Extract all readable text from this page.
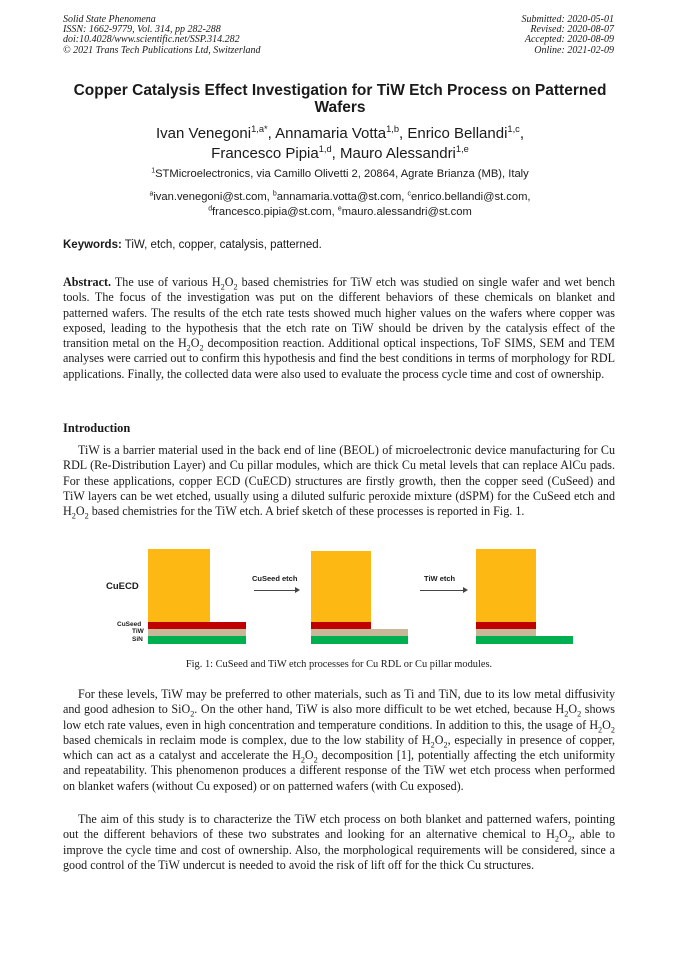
Solid State Phenomena
ISSN: 1662-9779, Vol. 314, pp 282-288
doi:10.4028/www.scientific.net/SSP.314.282
© 2021 Trans Tech Publications Ltd, Switzerland
Submitted: 2020-05-01
Revised: 2020-08-07
Accepted: 2020-08-09
Online: 2021-02-09
Copper Catalysis Effect Investigation for TiW Etch Process on Patterned Wafers
Ivan Venegoni$^{1,a*}$, Annamaria Votta$^{1,b}$, Enrico Bellandi$^{1,c}$,
Francesco Pipia$^{1,d}$, Mauro Alessandri$^{1,e}$
$^1$STMicroelectronics, via Camillo Olivetti 2, 20864, Agrate Brianza (MB), Italy
$^a$ivan.venegoni@st.com, $^b$annamaria.votta@st.com, $^c$enrico.bellandi@st.com,
$^d$francesco.pipia@st.com, $^e$mauro.alessandri@st.com
Keywords: TiW, etch, copper, catalysis, patterned.

Abstract. The use of various $H_2O_2$ based chemistries for TiW etch was studied on single wafer and wet bench tools. The focus of the investigation was put on the different behaviors of these chemicals on blanket and patterned wafers. The results of the etch rate tests showed much higher values on the wafers where copper was exposed, leading to the hypothesis that the etch rate on TiW should be driven by the catalysis effect of the transition metal on the $H_2O_2$ decomposition reaction. Additional optical inspections, ToF SIMS, SEM and TEM analyses were carried out to confirm this hypothesis and find the best conditions in terms of morphology for RDL applications. Finally, the collected data were also used to evaluate the process cycle time and cost of ownership.

Introduction

TiW is a barrier material used in the back end of line (BEOL) of microelectronic device manufacturing for Cu RDL (Re-Distribution Layer) and Cu pillar modules, which are thick Cu metal levels that can replace AlCu pads. For these applications, copper ECD (CuECD) structures are firstly growth, then the copper seed (CuSeed) and TiW layers can be wet etched, usually using a diluted sulfuric peroxide mixture (dSPM) for the CuSeed etch and $H_2O_2$ based chemistries for the TiW etch. A brief sketch of these processes is reported in Fig. 1.

CuECD
CuSeed
TiW
SiN
CuSeed etch	TiW etch
Fig. 1: CuSeed and TiW etch processes for Cu RDL or Cu pillar modules.

For these levels, TiW may be preferred to other materials, such as Ti and TiN, due to its low metal diffusivity and good adhesion to SiO$_2$. On the other hand, TiW is also more difficult to be wet etched, because $H_2O_2$ shows low etch rate values, even in high concentration and temperature conditions. In addition to this, the usage of $H_2O_2$ based chemicals in reclaim mode is complex, due to the low stability of $H_2O_2$, especially in presence of copper, which can act as a catalyst and accelerate the $H_2O_2$ decomposition [1], potentially affecting the etch uniformity and repeatability. This phenomenon produces a different response of the TiW wet etch process when performed on blanket wafers (without Cu exposed) or on patterned wafers (with Cu exposed).

The aim of this study is to characterize the TiW etch process on both blanket and patterned wafers, pointing out the different behaviors of these two substrates and looking for an alternative chemical to $H_2O_2$, able to improve the cycle time and cost of ownership. Also, the morphological requirements will be considered, since a good control of the TiW undercut is needed to avoid the risk of lift off for the thick Cu structures.
